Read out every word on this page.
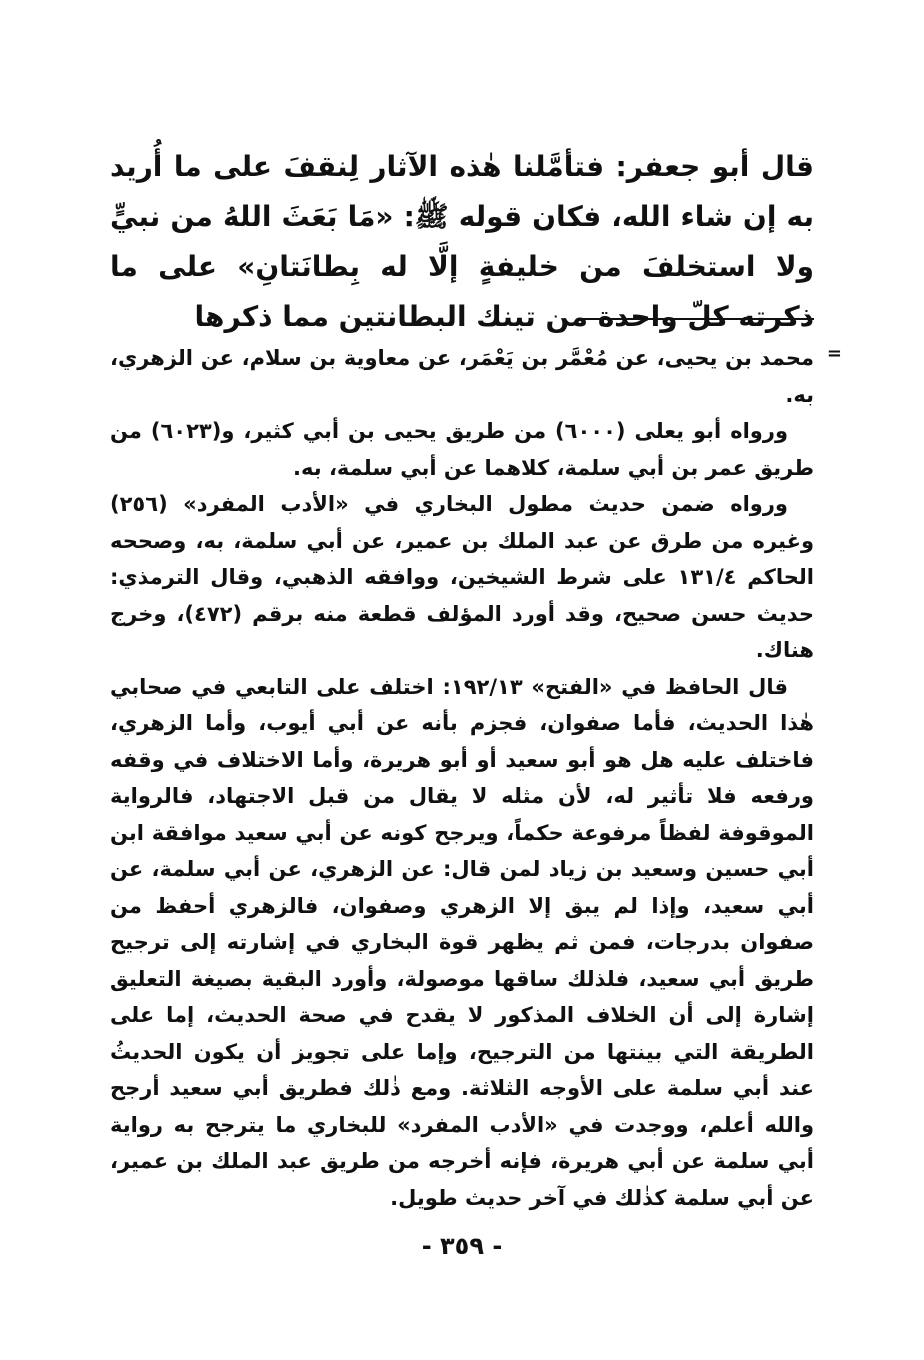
قال أبو جعفر: فتأمَّلنا هٰذه الآثار لِنقفَ على ما أُريد به إن شاء الله، فكان قوله ﷺ: «مَا بَعَثَ اللهُ من نبيٍّ ولا استخلفَ من خليفةٍ إلَّا له بِطانَتانِ» على ما ذكرته كلّ واحدة من تينك البطانتين مما ذكرها

=

محمد بن يحيى، عن مُعْمَّر بن يَعْمَر، عن معاوية بن سلام، عن الزهري، به.

ورواه أبو يعلى (٦٠٠٠) من طريق يحيى بن أبي كثير، و(٦٠٢٣) من طريق عمر بن أبي سلمة، كلاهما عن أبي سلمة، به.

ورواه ضمن حديث مطول البخاري في «الأدب المفرد» (٢٥٦) وغيره من طرق عن عبد الملك بن عمير، عن أبي سلمة، به، وصححه الحاكم ١٣١/٤ على شرط الشيخين، ووافقه الذهبي، وقال الترمذي: حديث حسن صحيح، وقد أورد المؤلف قطعة منه برقم (٤٧٢)، وخرج هناك.

قال الحافظ في «الفتح» ١٩٢/١٣: اختلف على التابعي في صحابي هٰذا الحديث، فأما صفوان، فجزم بأنه عن أبي أيوب، وأما الزهري، فاختلف عليه هل هو أبو سعيد أو أبو هريرة، وأما الاختلاف في وقفه ورفعه فلا تأثير له، لأن مثله لا يقال من قبل الاجتهاد، فالرواية الموقوفة لفظاً مرفوعة حكماً، ويرجح كونه عن أبي سعيد موافقة ابن أبي حسين وسعيد بن زياد لمن قال: عن الزهري، عن أبي سلمة، عن أبي سعيد، وإذا لم يبق إلا الزهري وصفوان، فالزهري أحفظ من صفوان بدرجات، فمن ثم يظهر قوة البخاري في إشارته إلى ترجيح طريق أبي سعيد، فلذلك ساقها موصولة، وأورد البقية بصيغة التعليق إشارة إلى أن الخلاف المذكور لا يقدح في صحة الحديث، إما على الطريقة التي بينتها من الترجيح، وإما على تجويز أن يكون الحديثُ عند أبي سلمة على الأوجه الثلاثة. ومع ذٰلك فطريق أبي سعيد أرجح والله أعلم، ووجدت في «الأدب المفرد» للبخاري ما يترجح به رواية أبي سلمة عن أبي هريرة، فإنه أخرجه من طريق عبد الملك بن عمير، عن أبي سلمة كذٰلك في آخر حديث طويل.

- ٣٥٩ -
